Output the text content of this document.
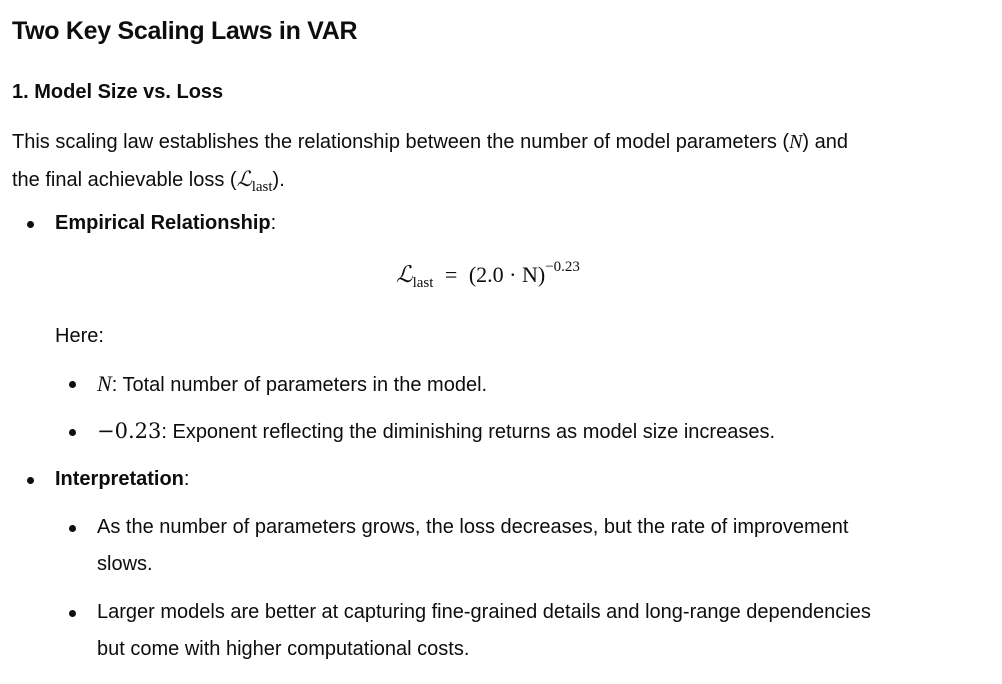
Two Key Scaling Laws in VAR
1. Model Size vs. Loss
This scaling law establishes the relationship between the number of model parameters (N) and
the final achievable loss (ℒ$_{last}$).
Empirical Relationship:
ℒ$_{last}$ = $(2.0 \cdot N)^{-0.23}$
Here:
N: Total number of parameters in the model.
−0.23: Exponent reflecting the diminishing returns as model size increases.
Interpretation:
As the number of parameters grows, the loss decreases, but the rate of improvement
slows.
Larger models are better at capturing fine-grained details and long-range dependencies
but come with higher computational costs.
